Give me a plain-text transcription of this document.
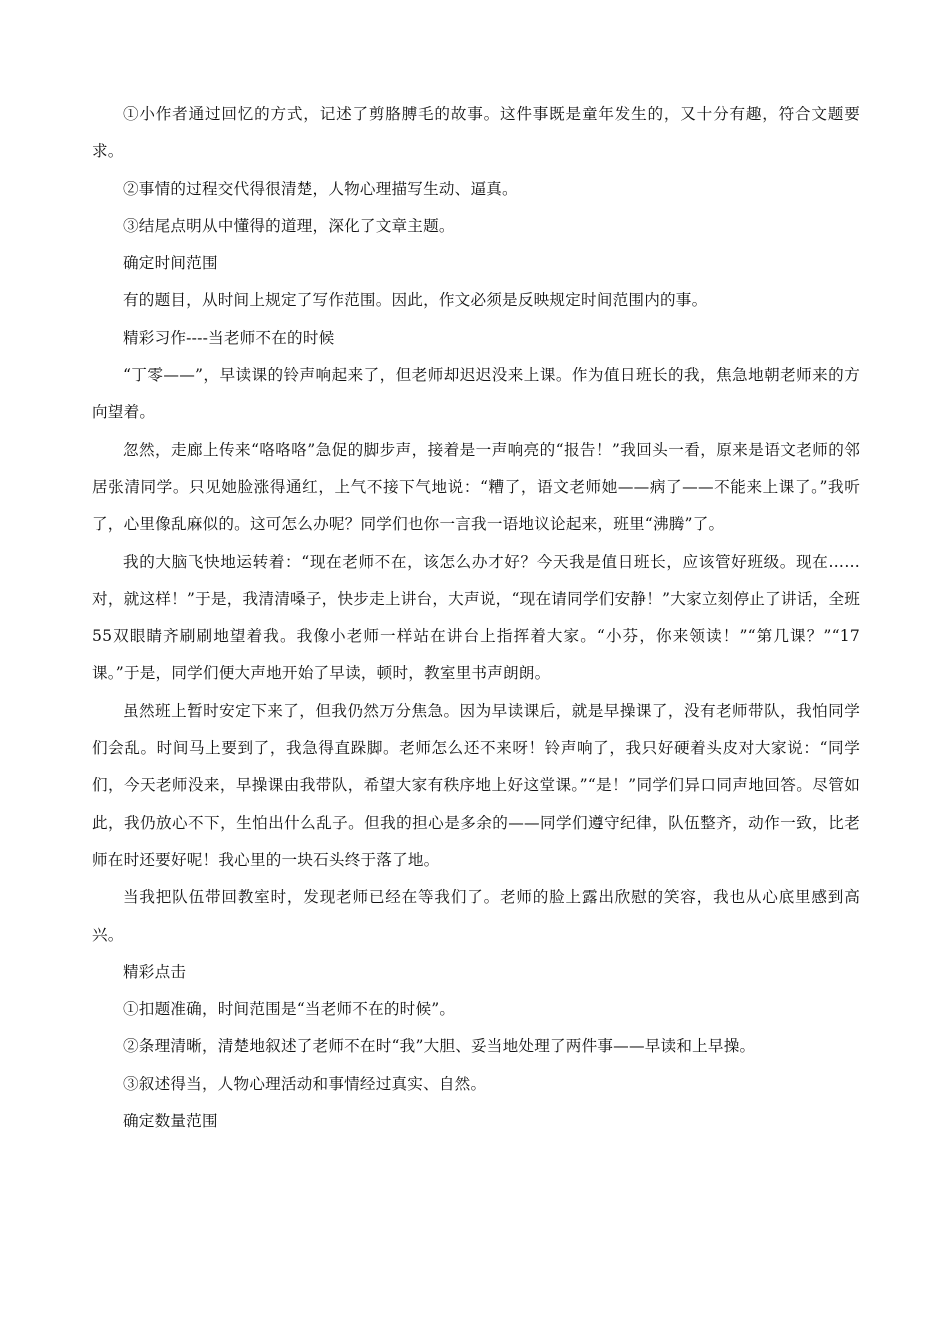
①小作者通过回忆的方式，记述了剪胳膊毛的故事。这件事既是童年发生的，又十分有趣，符合文题要求。

②事情的过程交代得很清楚，人物心理描写生动、逼真。

③结尾点明从中懂得的道理，深化了文章主题。

确定时间范围

有的题目，从时间上规定了写作范围。因此，作文必须是反映规定时间范围内的事。

精彩习作----当老师不在的时候

“丁零——”，早读课的铃声响起来了，但老师却迟迟没来上课。作为值日班长的我，焦急地朝老师来的方向望着。

忽然，走廊上传来“咯咯咯”急促的脚步声，接着是一声响亮的“报告！”我回头一看，原来是语文老师的邻居张清同学。只见她脸涨得通红，上气不接下气地说：“糟了，语文老师她——病了——不能来上课了。”我听了，心里像乱麻似的。这可怎么办呢？同学们也你一言我一语地议论起来，班里“沸腾”了。

我的大脑飞快地运转着：“现在老师不在，该怎么办才好？今天我是值日班长，应该管好班级。现在……对，就这样！”于是，我清清嗓子，快步走上讲台，大声说，“现在请同学们安静！”大家立刻停止了讲话，全班55双眼睛齐刷刷地望着我。我像小老师一样站在讲台上指挥着大家。“小芬，你来领读！”“第几课？”“17课。”于是，同学们便大声地开始了早读，顿时，教室里书声朗朗。

虽然班上暂时安定下来了，但我仍然万分焦急。因为早读课后，就是早操课了，没有老师带队，我怕同学们会乱。时间马上要到了，我急得直跺脚。老师怎么还不来呀！铃声响了，我只好硬着头皮对大家说：“同学们，今天老师没来，早操课由我带队，希望大家有秩序地上好这堂课。”“是！”同学们异口同声地回答。尽管如此，我仍放心不下，生怕出什么乱子。但我的担心是多余的——同学们遵守纪律，队伍整齐，动作一致，比老师在时还要好呢！我心里的一块石头终于落了地。

当我把队伍带回教室时，发现老师已经在等我们了。老师的脸上露出欣慰的笑容，我也从心底里感到高兴。

精彩点击

①扣题准确，时间范围是“当老师不在的时候”。

②条理清晰，清楚地叙述了老师不在时“我”大胆、妥当地处理了两件事——早读和上早操。

③叙述得当，人物心理活动和事情经过真实、自然。

确定数量范围
